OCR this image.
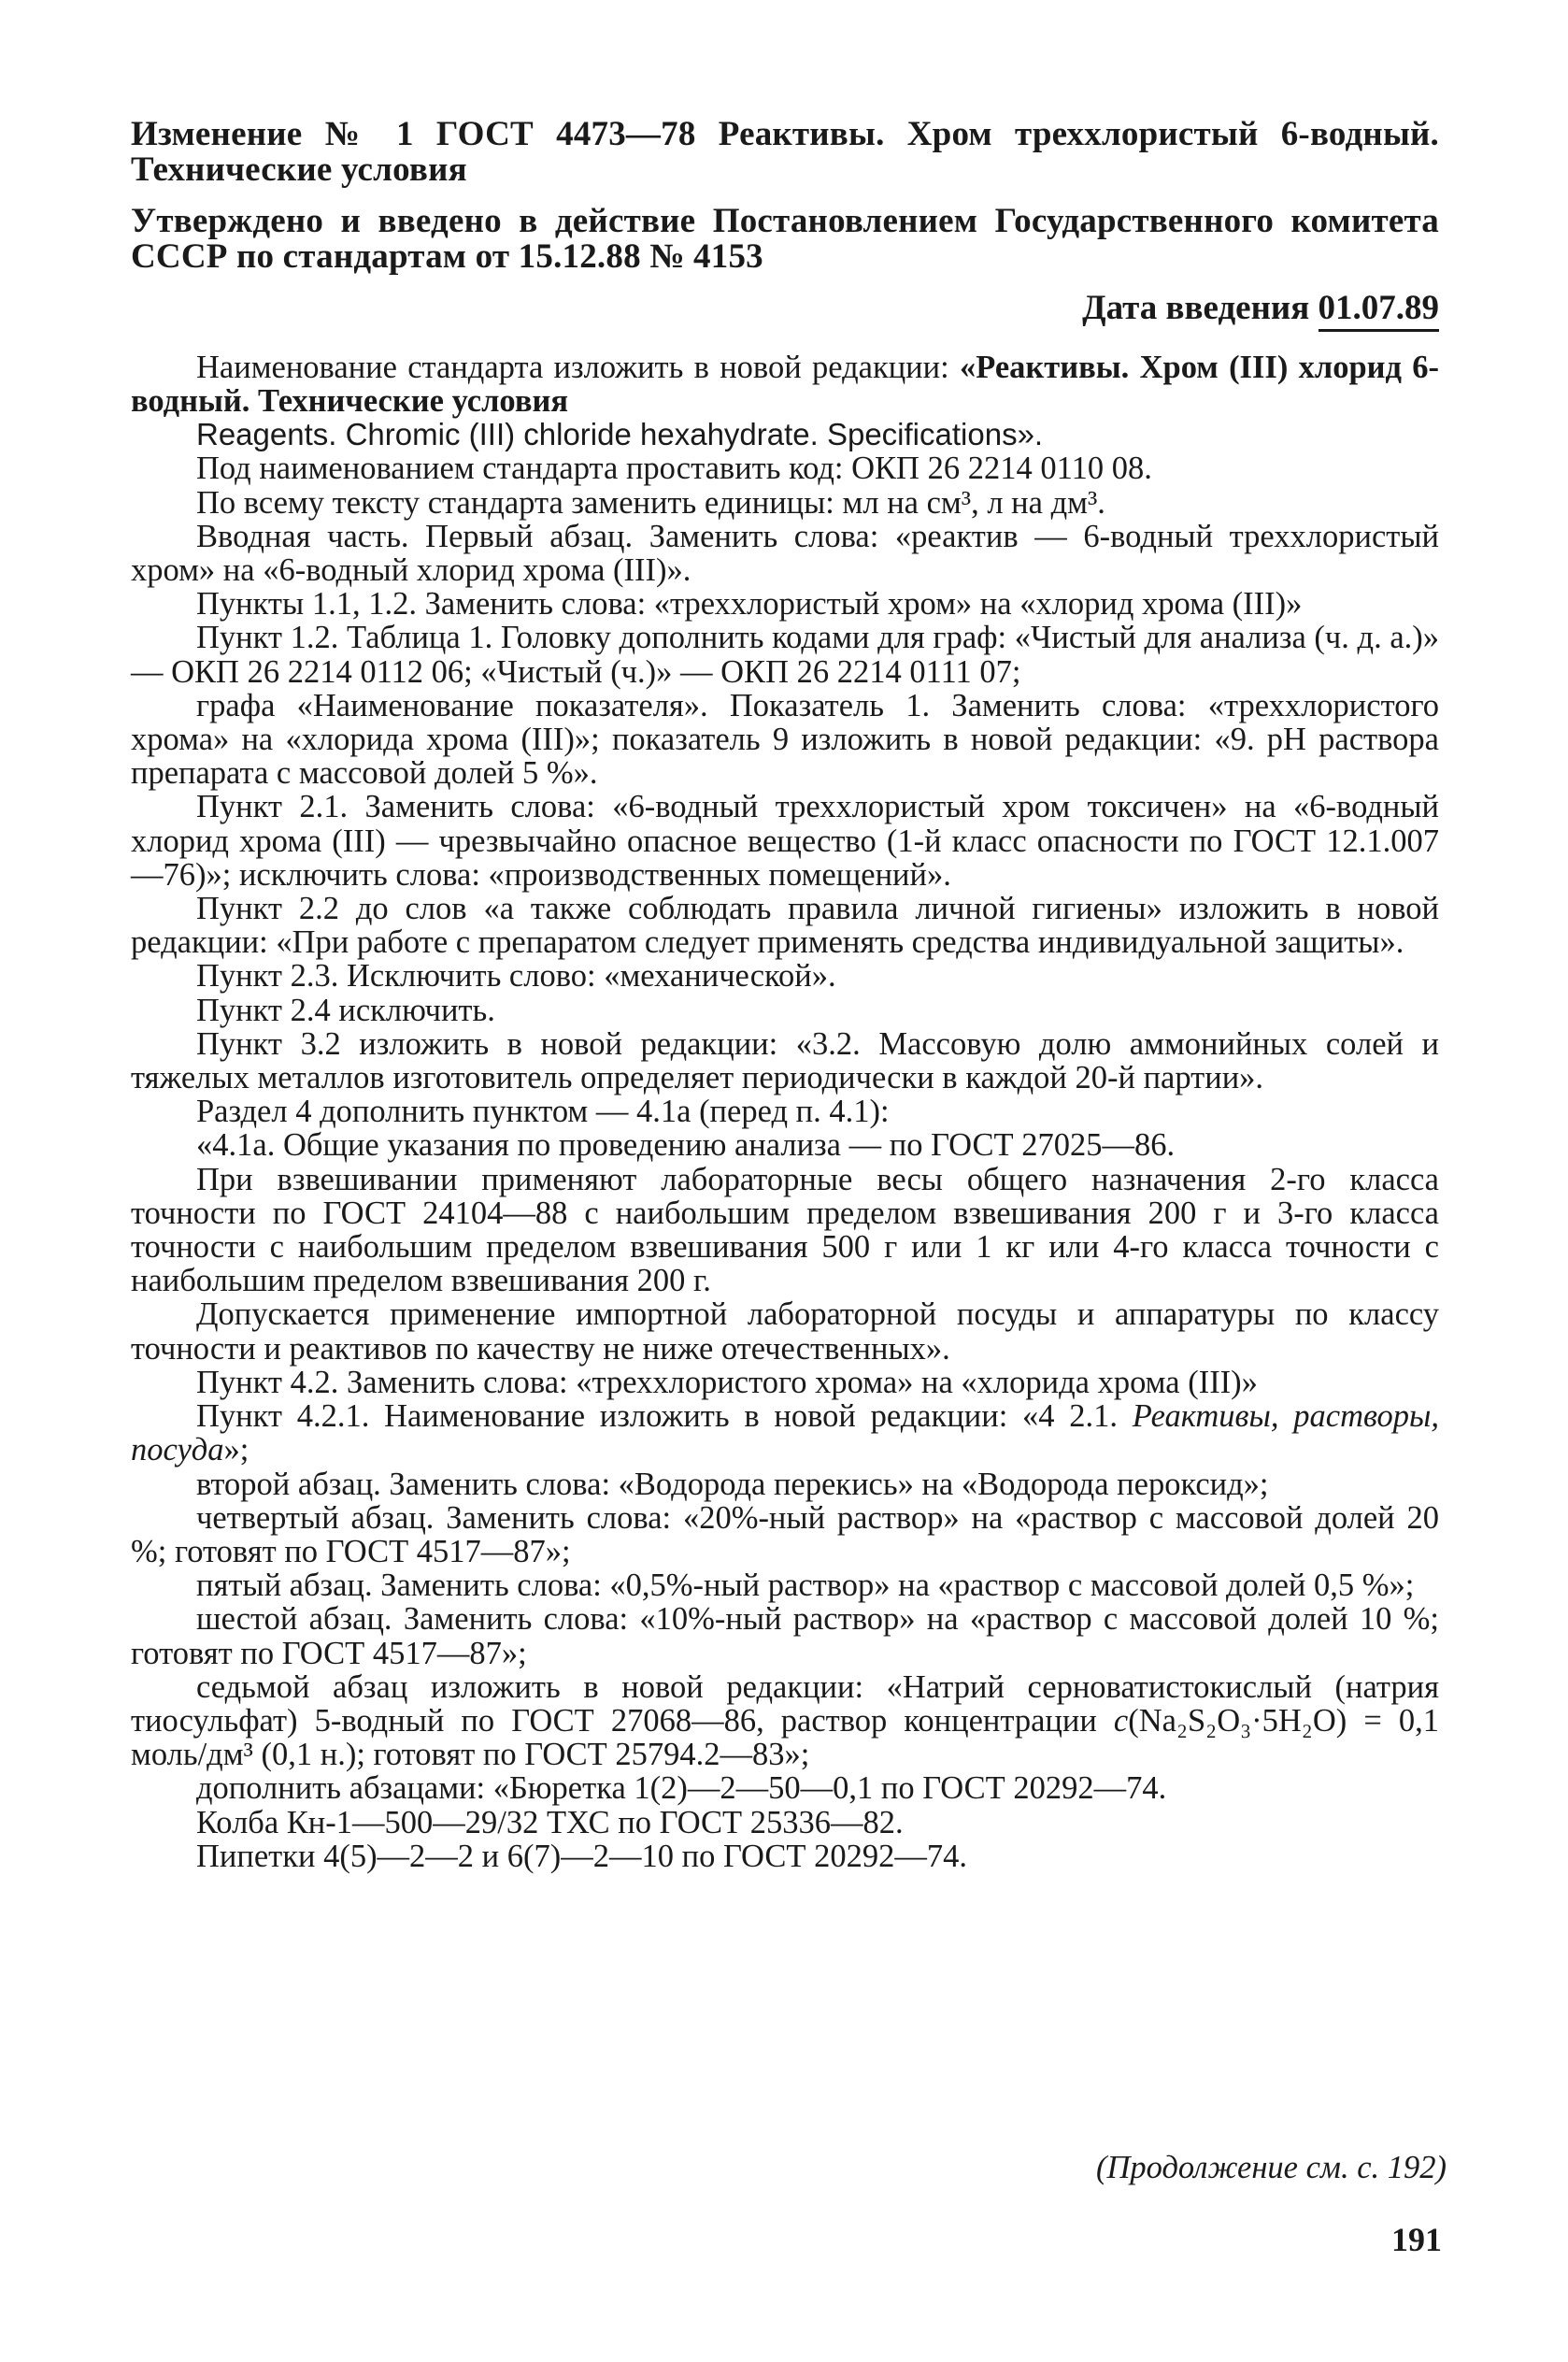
Изменение № 1 ГОСТ 4473—78 Реактивы. Хром треххлористый 6-водный. Технические условия

Утверждено и введено в действие Постановлением Государственного комитета СССР по стандартам от 15.12.88 № 4153

Дата введения 01.07.89

Наименование стандарта изложить в новой редакции: «Реактивы. Хром (III) хлорид 6-водный. Технические условия

Reagents. Chromic (III) chloride hexahydrate. Specifications».

Под наименованием стандарта проставить код: ОКП 26 2214 0110 08.

По всему тексту стандарта заменить единицы: мл на см³, л на дм³.

Вводная часть. Первый абзац. Заменить слова: «реактив — 6-водный треххлористый хром» на «6-водный хлорид хрома (III)».

Пункты 1.1, 1.2. Заменить слова: «треххлористый хром» на «хлорид хрома (III)»

Пункт 1.2. Таблица 1. Головку дополнить кодами для граф: «Чистый для анализа (ч. д. а.)» — ОКП 26 2214 0112 06; «Чистый (ч.)» — ОКП 26 2214 0111 07;

графа «Наименование показателя». Показатель 1. Заменить слова: «треххлористого хрома» на «хлорида хрома (III)»; показатель 9 изложить в новой редакции: «9. pH раствора препарата с массовой долей 5 %».

Пункт 2.1. Заменить слова: «6-водный треххлористый хром токсичен» на «6-водный хлорид хрома (III) — чрезвычайно опасное вещество (1-й класс опасности по ГОСТ 12.1.007—76)»; исключить слова: «производственных помещений».

Пункт 2.2 до слов «а также соблюдать правила личной гигиены» изложить в новой редакции: «При работе с препаратом следует применять средства индивидуальной защиты».

Пункт 2.3. Исключить слово: «механической».

Пункт 2.4 исключить.

Пункт 3.2 изложить в новой редакции: «3.2. Массовую долю аммонийных солей и тяжелых металлов изготовитель определяет периодически в каждой 20-й партии».

Раздел 4 дополнить пунктом — 4.1а (перед п. 4.1):

«4.1а. Общие указания по проведению анализа — по ГОСТ 27025—86.

При взвешивании применяют лабораторные весы общего назначения 2-го класса точности по ГОСТ 24104—88 с наибольшим пределом взвешивания 200 г и 3-го класса точности с наибольшим пределом взвешивания 500 г или 1 кг или 4-го класса точности с наибольшим пределом взвешивания 200 г.

Допускается применение импортной лабораторной посуды и аппаратуры по классу точности и реактивов по качеству не ниже отечественных».

Пункт 4.2. Заменить слова: «треххлористого хрома» на «хлорида хрома (III)»

Пункт 4.2.1. Наименование изложить в новой редакции: «4 2.1. Реактивы, растворы, посуда»;

второй абзац. Заменить слова: «Водорода перекись» на «Водорода пероксид»;

четвертый абзац. Заменить слова: «20%-ный раствор» на «раствор с массовой долей 20 %; готовят по ГОСТ 4517—87»;

пятый абзац. Заменить слова: «0,5%-ный раствор» на «раствор с массовой долей 0,5 %»;

шестой абзац. Заменить слова: «10%-ный раствор» на «раствор с массовой долей 10 %; готовят по ГОСТ 4517—87»;

седьмой абзац изложить в новой редакции: «Натрий серноватистокислый (натрия тиосульфат) 5-водный по ГОСТ 27068—86, раствор концентрации c(Na₂S₂O₃·5H₂O) = 0,1 моль/дм³ (0,1 н.); готовят по ГОСТ 25794.2—83»;

дополнить абзацами: «Бюретка 1(2)—2—50—0,1 по ГОСТ 20292—74.

Колба Кн-1—500—29/32 ТХС по ГОСТ 25336—82.

Пипетки 4(5)—2—2 и 6(7)—2—10 по ГОСТ 20292—74.

(Продолжение см. с. 192)

191
